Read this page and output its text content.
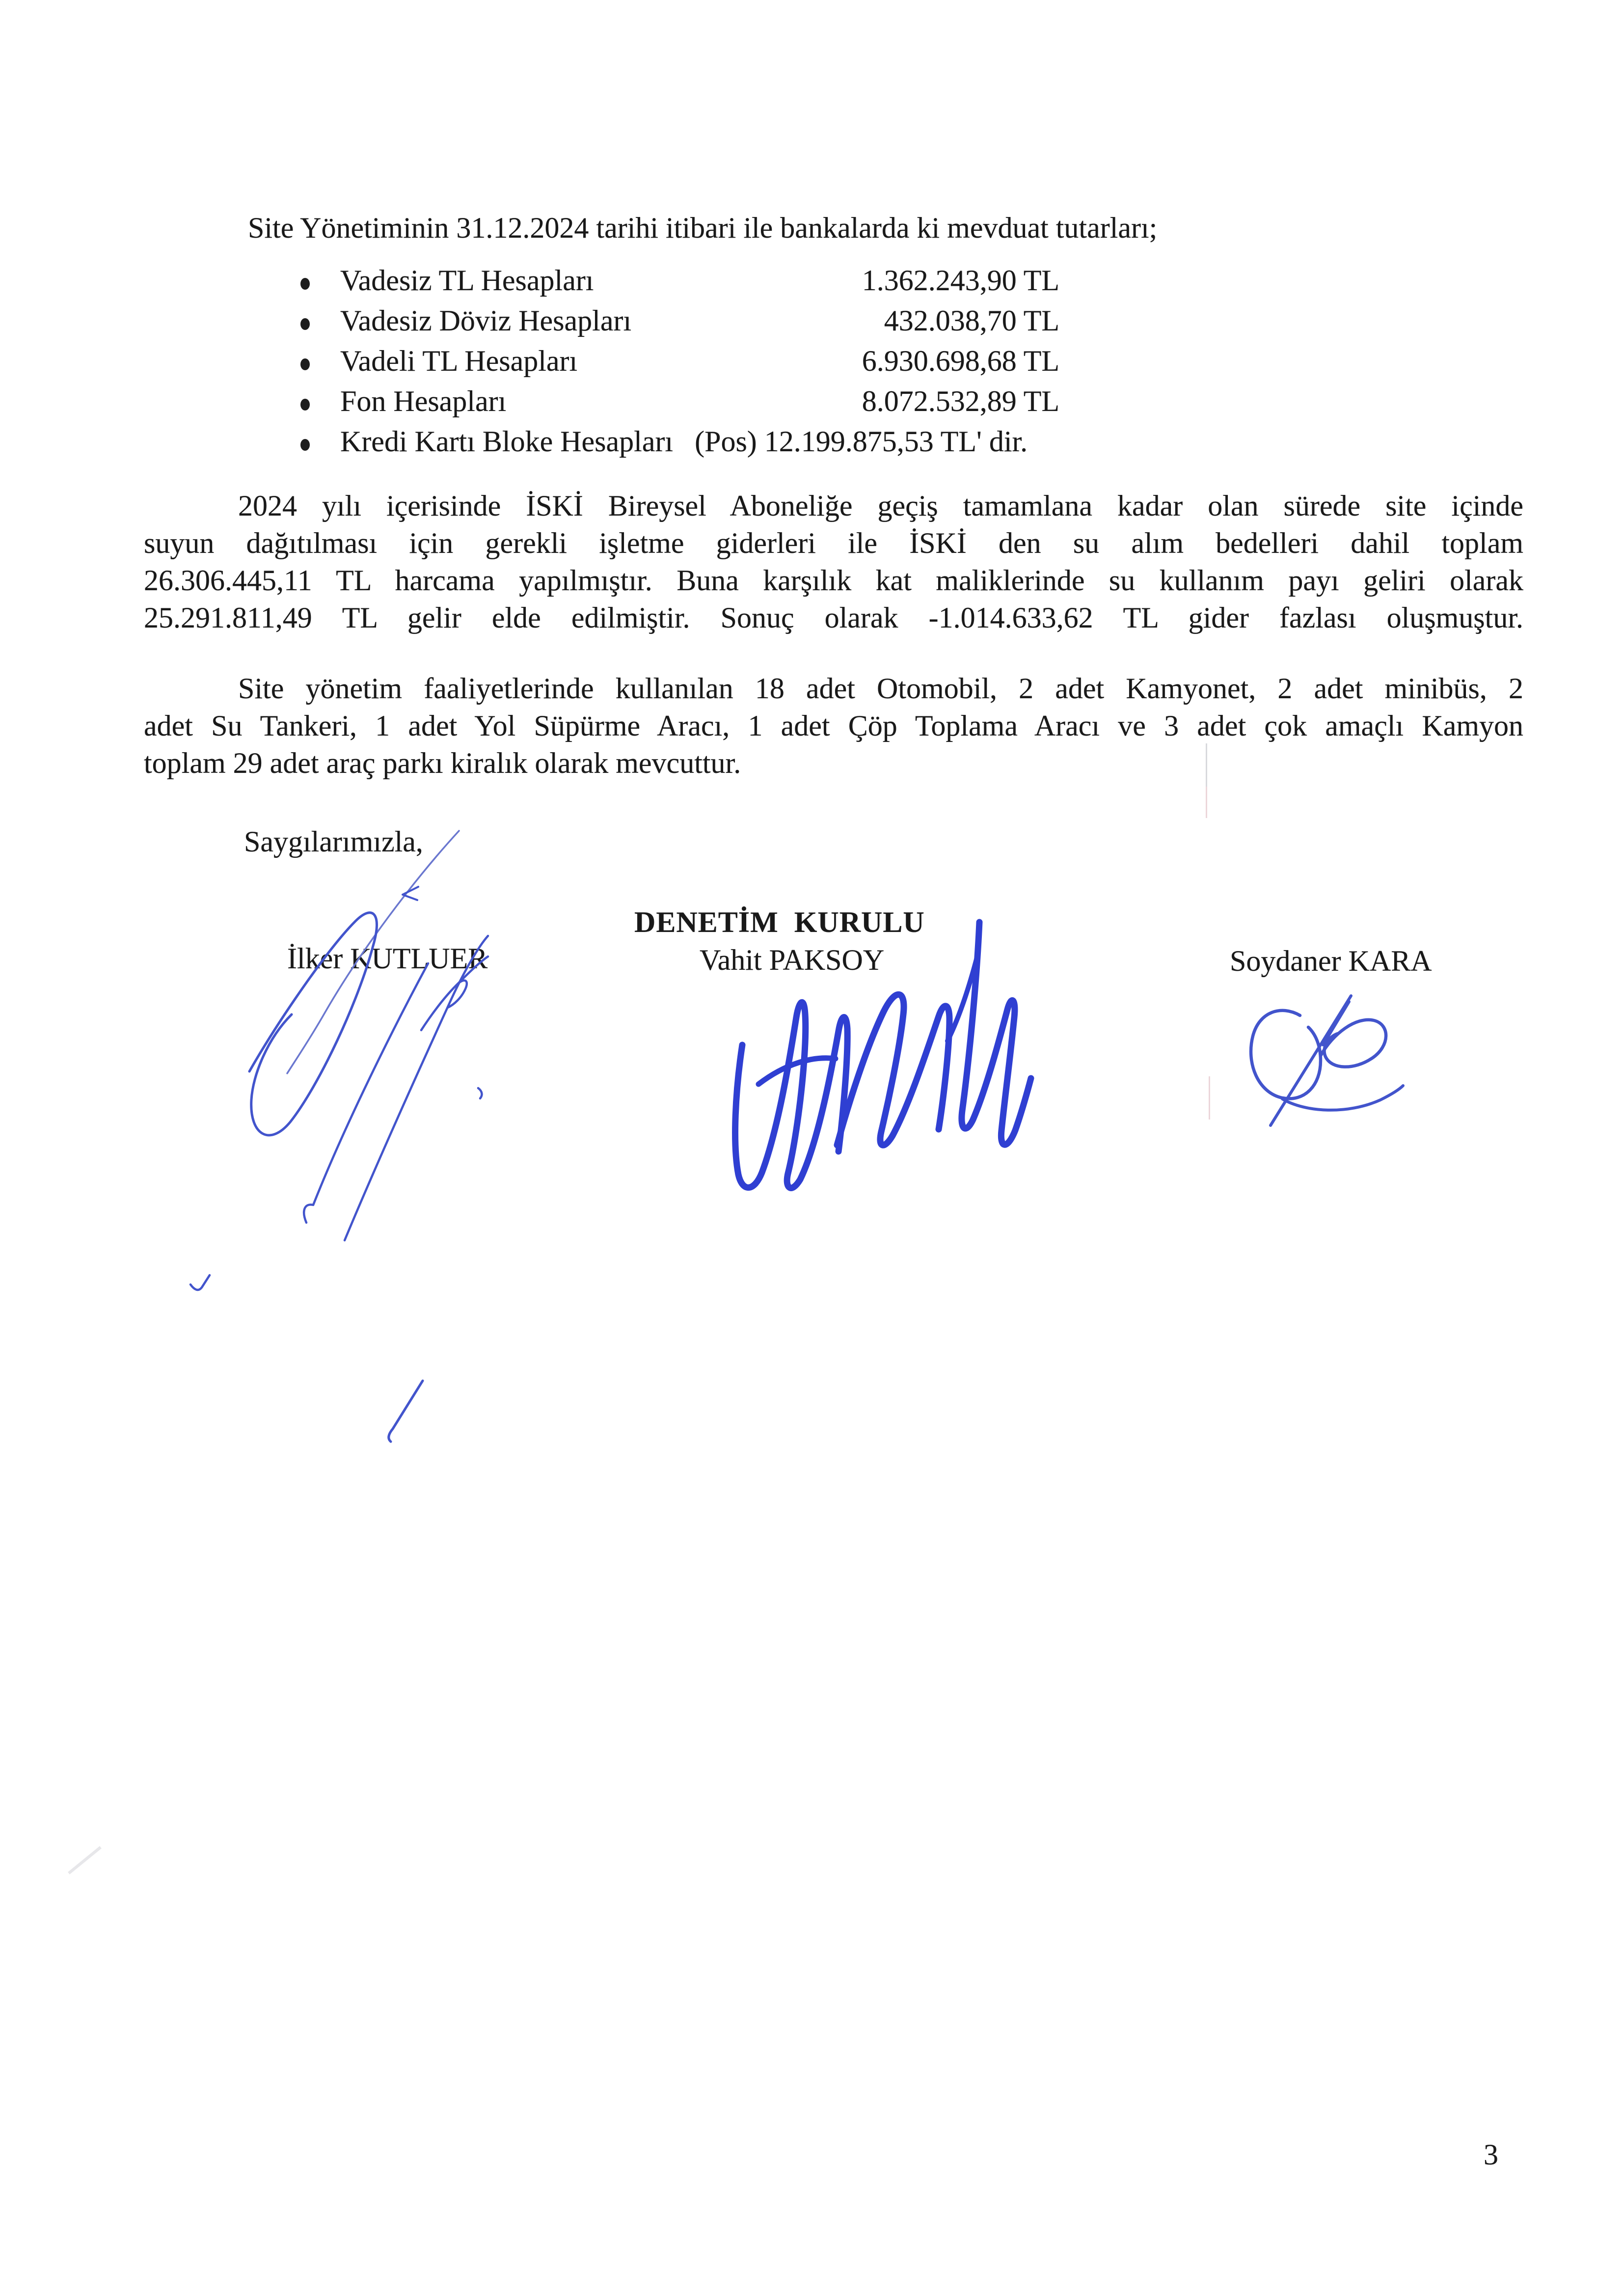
Site Yönetiminin 31.12.2024 tarihi itibari ile bankalarda ki mevduat tutarları;
Vadesiz TL Hesapları	1.362.243,90 TL
Vadesiz Döviz Hesapları	432.038,70 TL
Vadeli TL Hesapları	6.930.698,68 TL
Fon Hesapları	8.072.532,89 TL
Kredi Kartı Bloke Hesapları (Pos) 12.199.875,53 TL' dir.
2024 yılı içerisinde İSKİ Bireysel Aboneliğe geçiş tamamlana kadar olan sürede site içinde
suyun dağıtılması için gerekli işletme giderleri ile İSKİ den su alım bedelleri dahil toplam
26.306.445,11 TL harcama yapılmıştır. Buna karşılık kat maliklerinde su kullanım payı geliri olarak
25.291.811,49 TL gelir elde edilmiştir. Sonuç olarak -1.014.633,62 TL gider fazlası oluşmuştur.
Site yönetim faaliyetlerinde kullanılan 18 adet Otomobil, 2 adet Kamyonet, 2 adet minibüs, 2
adet Su Tankeri, 1 adet Yol Süpürme Aracı, 1 adet Çöp Toplama Aracı ve 3 adet çok amaçlı Kamyon
toplam 29 adet araç parkı kiralık olarak mevcuttur.
Saygılarımızla,
DENETİM  KURULU
İlker KUTLUER	Vahit PAKSOY	Soydaner KARA
3
